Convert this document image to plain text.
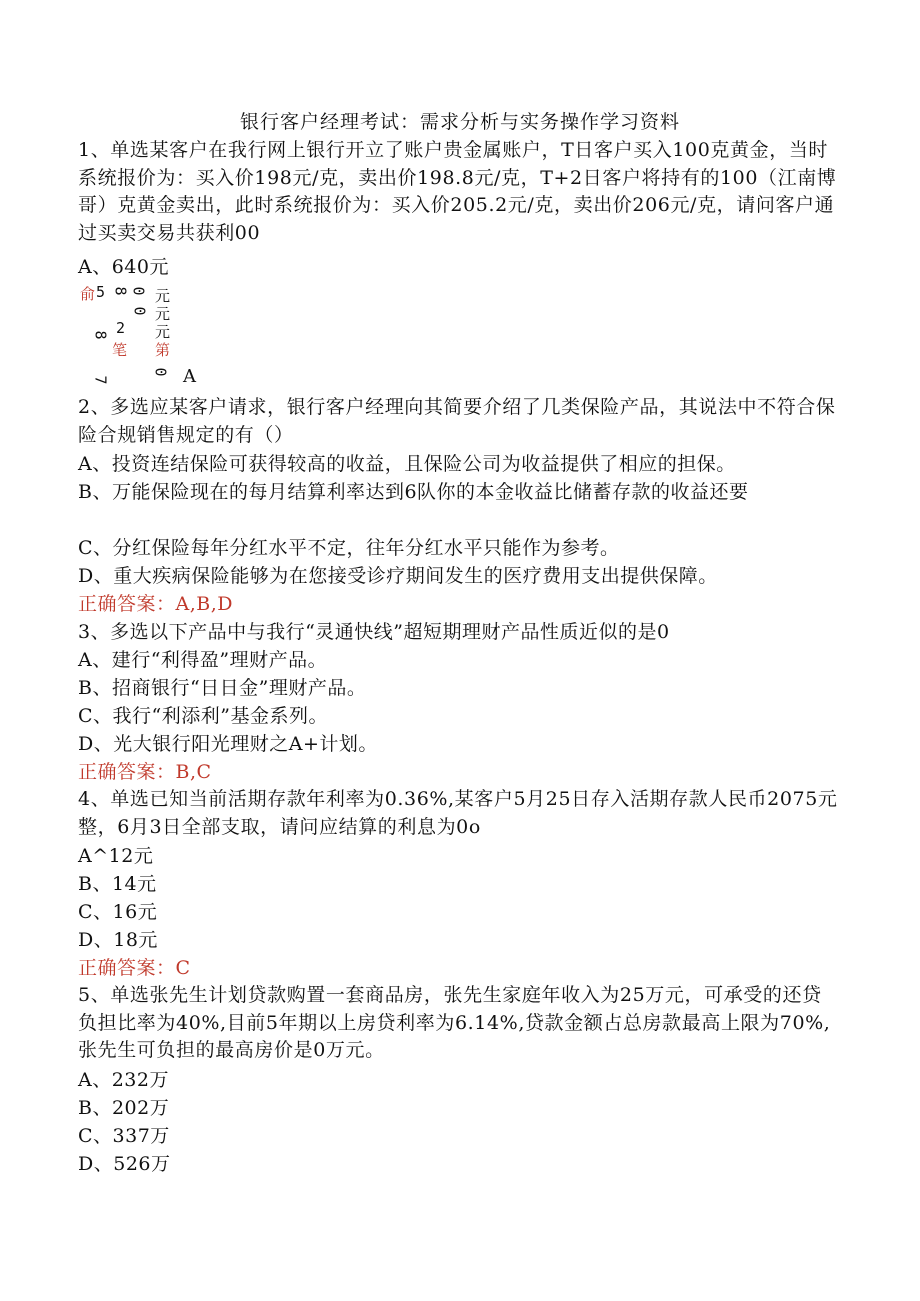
银行客户经理考试：需求分析与实务操作学习资料
1、单选某客户在我行网上银行开立了账户贵金属账户，T日客户买入100克黄金，当时系统报价为：买入价198元/克，卖出价198.8元/克，T+2日客户将持有的100（江南博哥）克黄金卖出，此时系统报价为：买入价205.2元/克，卖出价206元/克，请问客户通过买卖交易共获利00
A、640元
俞 5 8 0 元
0 元
2 元
8
笔 第
0
7	A
2、多选应某客户请求，银行客户经理向其简要介绍了几类保险产品，其说法中不符合保险合规销售规定的有（）
A、投资连结保险可获得较高的收益，且保险公司为收益提供了相应的担保。
B、万能保险现在的每月结算利率达到6队你的本金收益比储蓄存款的收益还要
C、分红保险每年分红水平不定，往年分红水平只能作为参考。
D、重大疾病保险能够为在您接受诊疗期间发生的医疗费用支出提供保障。
正确答案：A,B,D
3、多选以下产品中与我行“灵通快线”超短期理财产品性质近似的是0
A、建行“利得盈”理财产品。
B、招商银行“日日金”理财产品。
C、我行“利添利”基金系列。
D、光大银行阳光理财之A+计划。
正确答案：B,C
4、单选已知当前活期存款年利率为0.36%,某客户5月25日存入活期存款人民币2075元整，6月3日全部支取，请问应结算的利息为0o
A^12元
B、14元
C、16元
D、18元
正确答案：C
5、单选张先生计划贷款购置一套商品房，张先生家庭年收入为25万元，可承受的还贷负担比率为40%,目前5年期以上房贷利率为6.14%,贷款金额占总房款最高上限为70%,张先生可负担的最高房价是0万元。
A、232万
B、202万
C、337万
D、526万
